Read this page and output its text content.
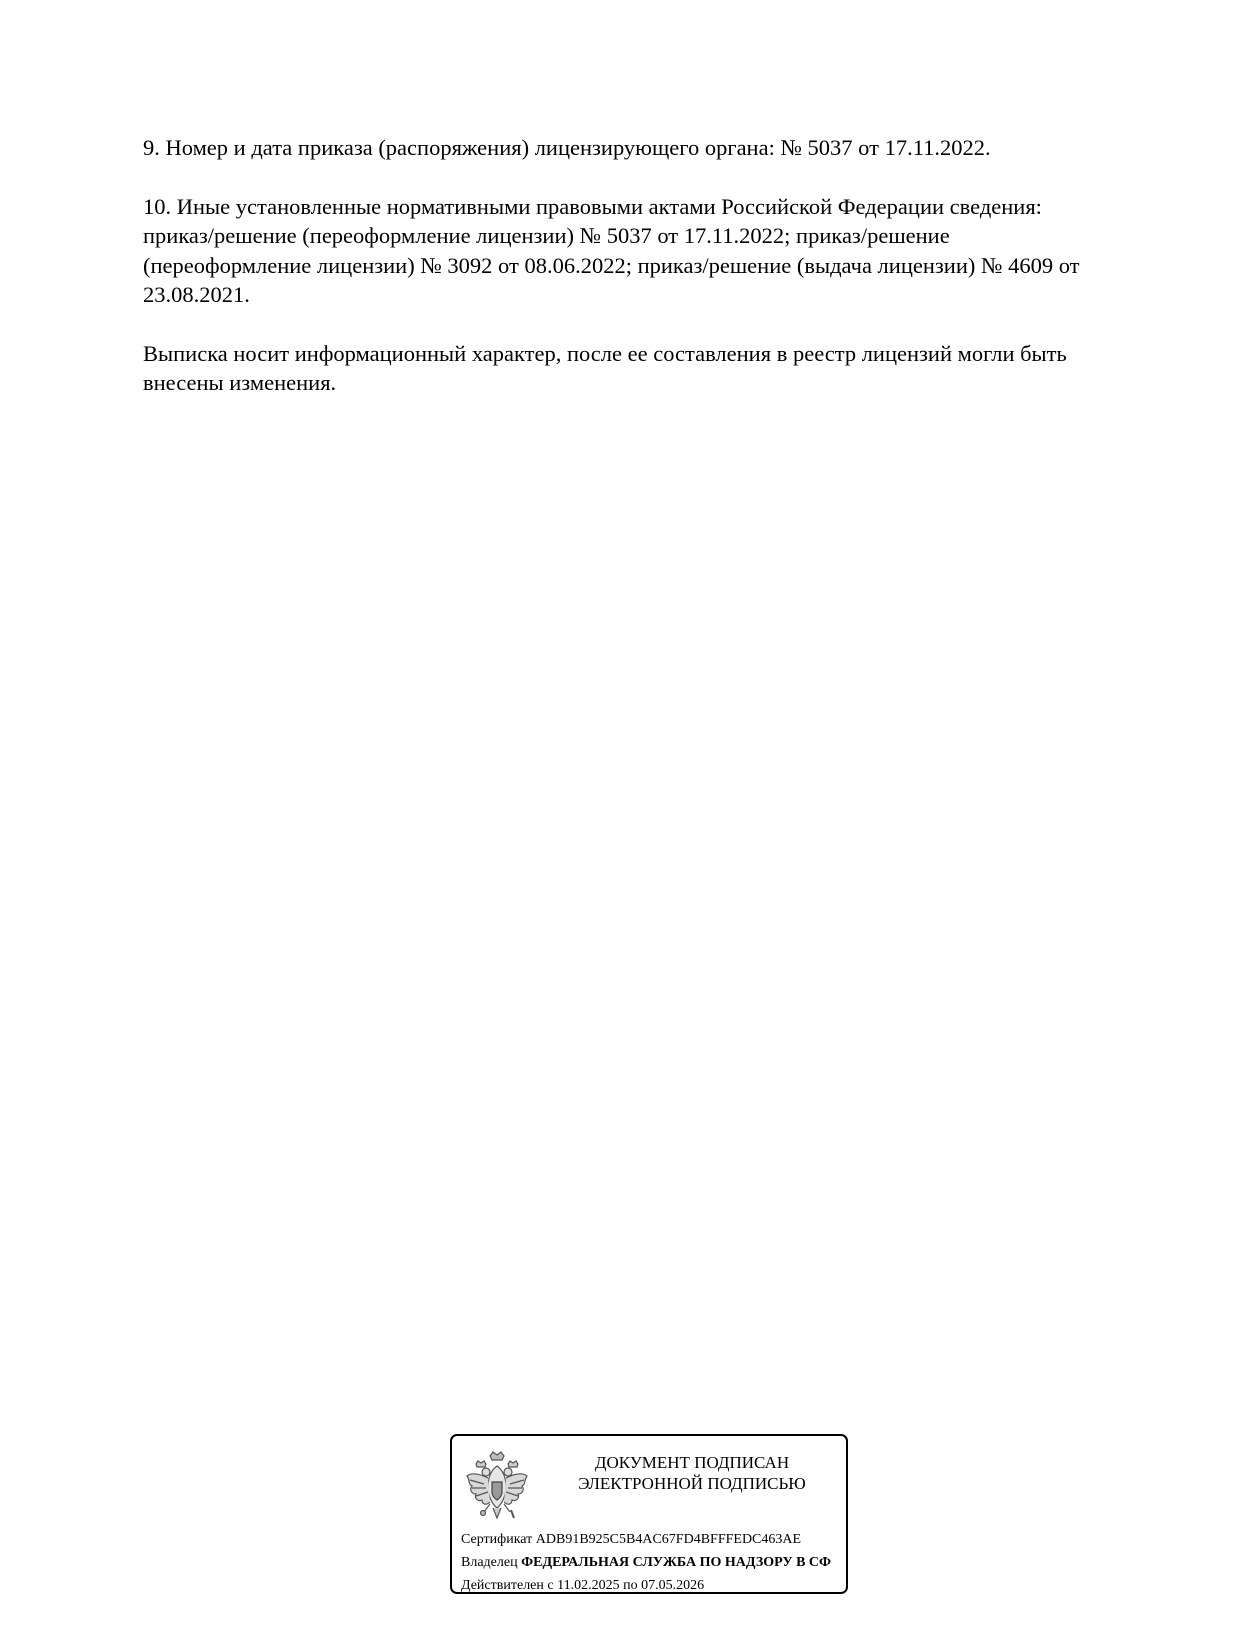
9. Номер и дата приказа (распоряжения) лицензирующего органа: № 5037 от 17.11.2022.

10. Иные установленные нормативными правовыми актами Российской Федерации сведения:
приказ/решение (переоформление лицензии) № 5037 от 17.11.2022; приказ/решение
(переоформление лицензии) № 3092 от 08.06.2022; приказ/решение (выдача лицензии) № 4609 от
23.08.2021.

Выписка носит информационный характер, после ее составления в реестр лицензий могли быть
внесены изменения.

ДОКУМЕНТ ПОДПИСАН
ЭЛЕКТРОННОЙ ПОДПИСЬЮ
Сертификат ADB91B925C5B4AC67FD4BFFFEDC463AE
Владелец ФЕДЕРАЛЬНАЯ СЛУЖБА ПО НАДЗОРУ В СФ
Действителен с 11.02.2025 по 07.05.2026
